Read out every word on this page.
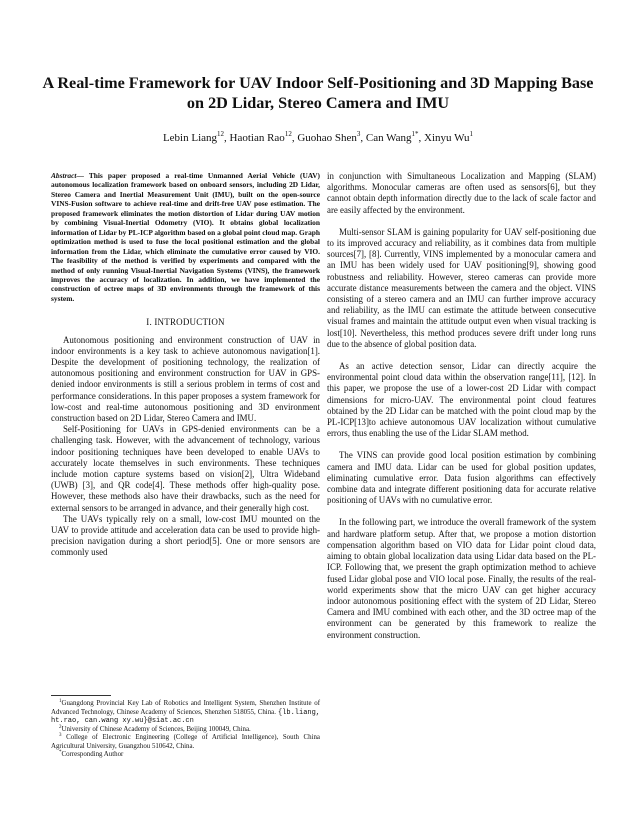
A Real-time Framework for UAV Indoor Self-Positioning and 3D Mapping Base on 2D Lidar, Stereo Camera and IMU
Lebin Liang$^{12}$, Haotian Rao$^{12}$, Guohao Shen$^3$, Can Wang$^{1*}$, Xinyu Wu$^1$

Abstract— This paper proposed a real-time Unmanned Aerial Vehicle (UAV) autonomous localization framework based on onboard sensors, including 2D Lidar, Stereo Camera and Inertial Measurement Unit (IMU), built on the open-source VINS-Fusion software to achieve real-time and drift-free UAV pose estimation. The proposed framework eliminates the motion distortion of Lidar during UAV motion by combining Visual-Inertial Odometry (VIO). It obtains global localization information of Lidar by PL-ICP algorithm based on a global point cloud map. Graph optimization method is used to fuse the local positional estimation and the global information from the Lidar, which eliminate the cumulative error caused by VIO. The feasibility of the method is verified by experiments and compared with the method of only running Visual-Inertial Navigation Systems (VINS), the framework improves the accuracy of localization. In addition, we have implemented the construction of octree maps of 3D environments through the framework of this system.

I. INTRODUCTION

Autonomous positioning and environment construction of UAV in indoor environments is a key task to achieve autonomous navigation[1]. Despite the development of positioning technology, the realization of autonomous positioning and environment construction for UAV in GPS-denied indoor environments is still a serious problem in terms of cost and performance considerations. In this paper proposes a system framework for low-cost and real-time autonomous positioning and 3D environment construction based on 2D Lidar, Stereo Camera and IMU.

Self-Positioning for UAVs in GPS-denied environments can be a challenging task. However, with the advancement of technology, various indoor positioning techniques have been developed to enable UAVs to accurately locate themselves in such environments. These techniques include motion capture systems based on vision[2], Ultra Wideband (UWB) [3], and QR code[4]. These methods offer high-quality pose. However, these methods also have their drawbacks, such as the need for external sensors to be arranged in advance, and their generally high cost.

The UAVs typically rely on a small, low-cost IMU mounted on the UAV to provide attitude and acceleration data can be used to provide high-precision navigation during a short period[5]. One or more sensors are commonly used

$^1$Guangdong Provincial Key Lab of Robotics and Intelligent System, Shenzhen Institute of Advanced Technology, Chinese Academy of Sciences, Shenzhen 518055, China. {lb.liang, ht.rao, can.wang xy.wu}@siat.ac.cn

$^2$University of Chinese Academy of Sciences, Beijing 100049, China.

$^3$ College of Electronic Engineering (College of Artificial Intelligence), South China Agricultural University, Guangzhou 510642, China.

*Corresponding Author

in conjunction with Simultaneous Localization and Mapping (SLAM) algorithms. Monocular cameras are often used as sensors[6], but they cannot obtain depth information directly due to the lack of scale factor and are easily affected by the environment.

Multi-sensor SLAM is gaining popularity for UAV self-positioning due to its improved accuracy and reliability, as it combines data from multiple sources[7], [8]. Currently, VINS implemented by a monocular camera and an IMU has been widely used for UAV positioning[9], showing good robustness and reliability. However, stereo cameras can provide more accurate distance measurements between the camera and the object. VINS consisting of a stereo camera and an IMU can further improve accuracy and reliability, as the IMU can estimate the attitude between consecutive visual frames and maintain the attitude output even when visual tracking is lost[10]. Nevertheless, this method produces severe drift under long runs due to the absence of global position data.

As an active detection sensor, Lidar can directly acquire the environmental point cloud data within the observation range[11], [12]. In this paper, we propose the use of a lower-cost 2D Lidar with compact dimensions for micro-UAV. The environmental point cloud features obtained by the 2D Lidar can be matched with the point cloud map by the PL-ICP[13]to achieve autonomous UAV localization without cumulative errors, thus enabling the use of the Lidar SLAM method.

The VINS can provide good local position estimation by combining camera and IMU data. Lidar can be used for global position updates, eliminating cumulative error. Data fusion algorithms can effectively combine data and integrate different positioning data for accurate relative positioning of UAVs with no cumulative error.

In the following part, we introduce the overall framework of the system and hardware platform setup. After that, we propose a motion distortion compensation algorithm based on VIO data for Lidar point cloud data, aiming to obtain global localization data using Lidar data based on the PL-ICP. Following that, we present the graph optimization method to achieve fused Lidar global pose and VIO local pose. Finally, the results of the real-world experiments show that the micro UAV can get higher accuracy indoor autonomous positioning effect with the system of 2D Lidar, Stereo Camera and IMU combined with each other, and the 3D octree map of the environment can be generated by this framework to realize the environment construction.
